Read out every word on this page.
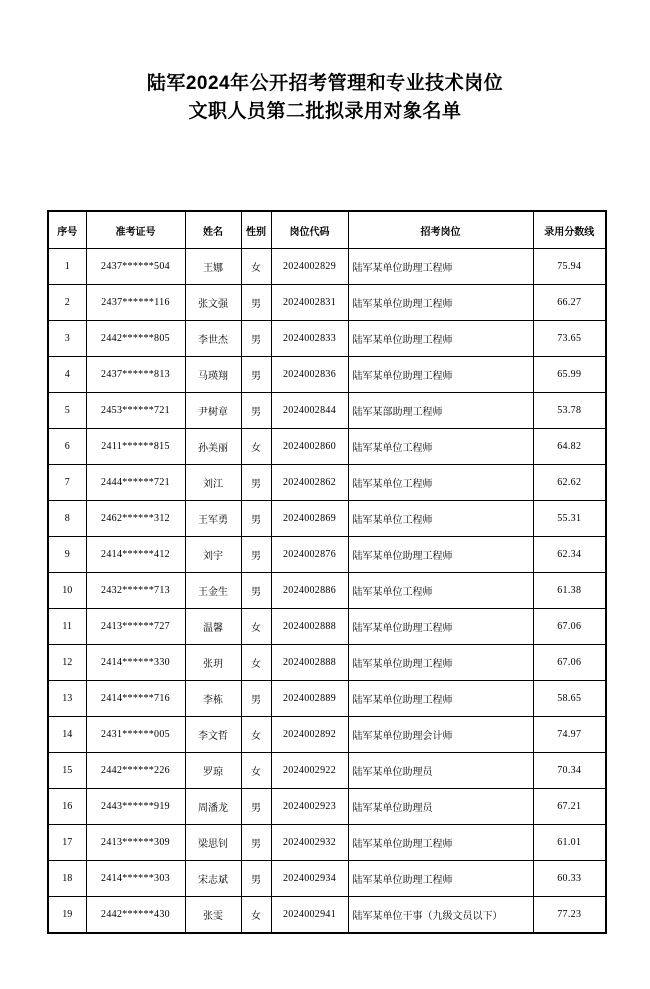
陆军2024年公开招考管理和专业技术岗位
文职人员第二批拟录用对象名单
序号	准考证号	姓名	性别	岗位代码	招考岗位	录用分数线
1	2437******504	王娜	女	2024002829	陆军某单位助理工程师	75.94
2	2437******116	张文强	男	2024002831	陆军某单位助理工程师	66.27
3	2442******805	李世杰	男	2024002833	陆军某单位助理工程师	73.65
4	2437******813	马瑛翔	男	2024002836	陆军某单位助理工程师	65.99
5	2453******721	尹树章	男	2024002844	陆军某部助理工程师	53.78
6	2411******815	孙美丽	女	2024002860	陆军某单位工程师	64.82
7	2444******721	刘江	男	2024002862	陆军某单位工程师	62.62
8	2462******312	王军勇	男	2024002869	陆军某单位工程师	55.31
9	2414******412	刘宇	男	2024002876	陆军某单位助理工程师	62.34
10	2432******713	王金生	男	2024002886	陆军某单位工程师	61.38
11	2413******727	温馨	女	2024002888	陆军某单位助理工程师	67.06
12	2414******330	张玥	女	2024002888	陆军某单位助理工程师	67.06
13	2414******716	李栋	男	2024002889	陆军某单位助理工程师	58.65
14	2431******005	李文哲	女	2024002892	陆军某单位助理会计师	74.97
15	2442******226	罗琼	女	2024002922	陆军某单位助理员	70.34
16	2443******919	周潘龙	男	2024002923	陆军某单位助理员	67.21
17	2413******309	梁思钊	男	2024002932	陆军某单位助理工程师	61.01
18	2414******303	宋志斌	男	2024002934	陆军某单位助理工程师	60.33
19	2442******430	张雯	女	2024002941	陆军某单位干事（九级文员以下）	77.23
